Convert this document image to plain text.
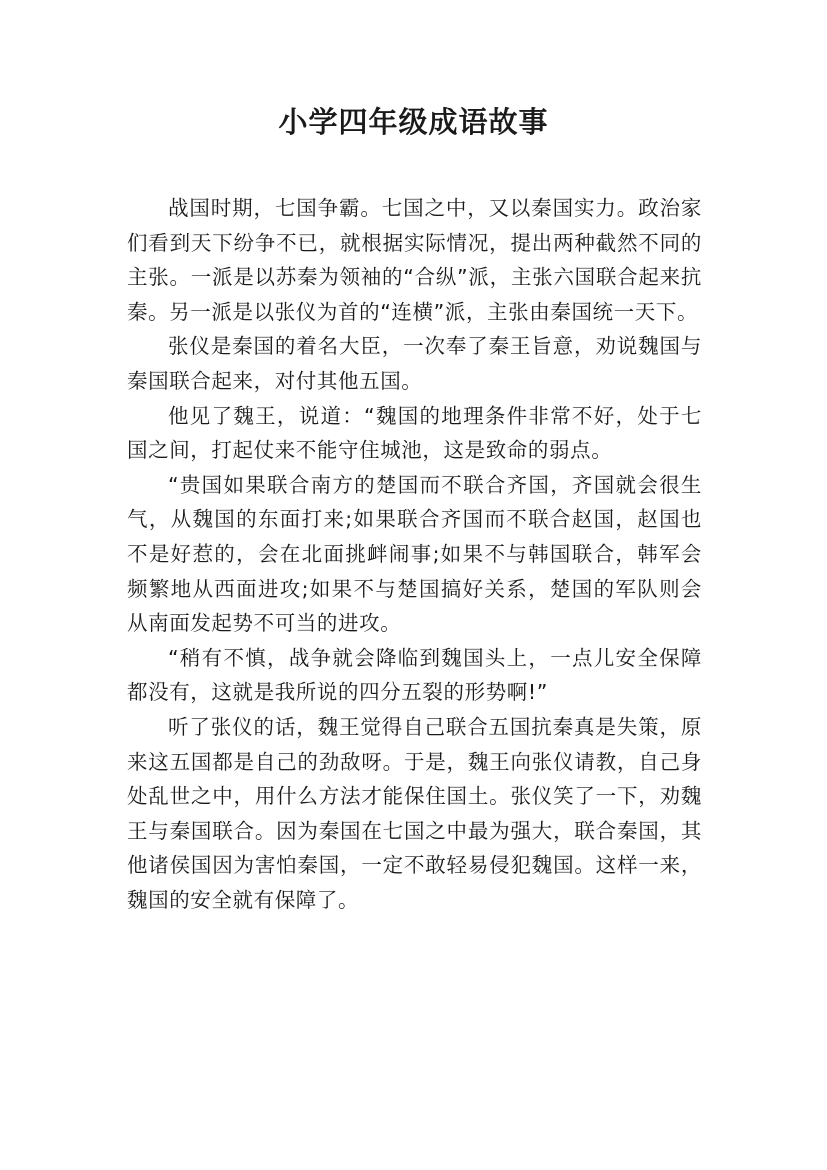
小学四年级成语故事

战国时期，七国争霸。七国之中，又以秦国实力。政治家们看到天下纷争不已，就根据实际情况，提出两种截然不同的主张。一派是以苏秦为领袖的“合纵”派，主张六国联合起来抗秦。另一派是以张仪为首的“连横”派，主张由秦国统一天下。

张仪是秦国的着名大臣，一次奉了秦王旨意，劝说魏国与秦国联合起来，对付其他五国。

他见了魏王，说道：“魏国的地理条件非常不好，处于七国之间，打起仗来不能守住城池，这是致命的弱点。

“贵国如果联合南方的楚国而不联合齐国，齐国就会很生气，从魏国的东面打来;如果联合齐国而不联合赵国，赵国也不是好惹的，会在北面挑衅闹事;如果不与韩国联合，韩军会频繁地从西面进攻;如果不与楚国搞好关系，楚国的军队则会从南面发起势不可当的进攻。

“稍有不慎，战争就会降临到魏国头上，一点儿安全保障都没有，这就是我所说的四分五裂的形势啊!”

听了张仪的话，魏王觉得自己联合五国抗秦真是失策，原来这五国都是自己的劲敌呀。于是，魏王向张仪请教，自己身处乱世之中，用什么方法才能保住国土。张仪笑了一下，劝魏王与秦国联合。因为秦国在七国之中最为强大，联合秦国，其他诸侯国因为害怕秦国，一定不敢轻易侵犯魏国。这样一来，魏国的安全就有保障了。
